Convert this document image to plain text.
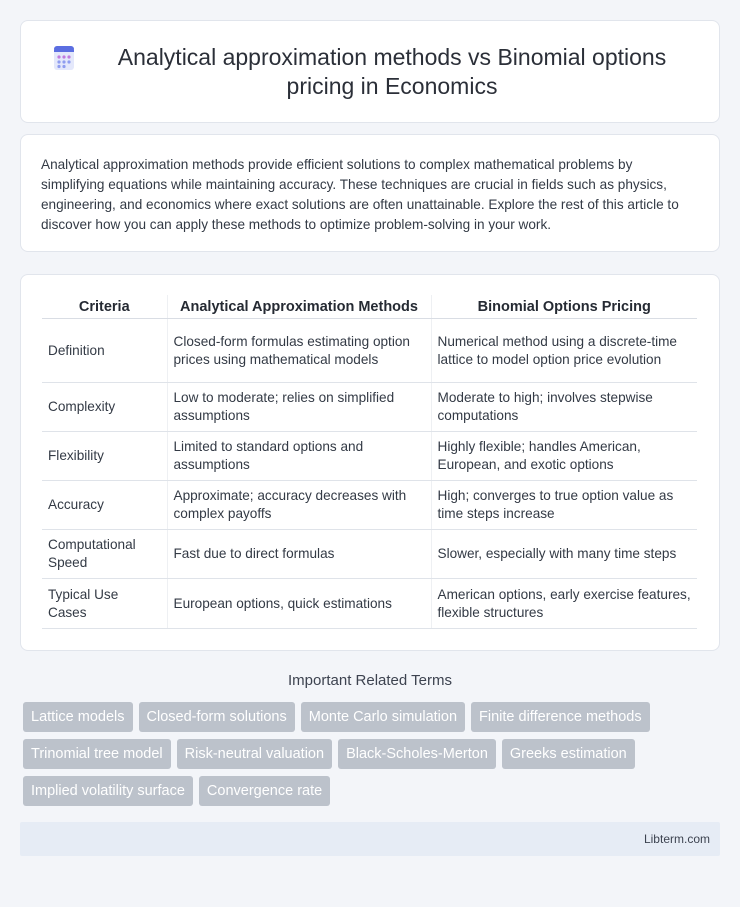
Analytical approximation methods vs Binomial options pricing in Economics

Analytical approximation methods provide efficient solutions to complex mathematical problems by simplifying equations while maintaining accuracy. These techniques are crucial in fields such as physics, engineering, and economics where exact solutions are often unattainable. Explore the rest of this article to discover how you can apply these methods to optimize problem-solving in your work.

Criteria	Analytical Approximation Methods	Binomial Options Pricing
Definition	Closed-form formulas estimating option prices using mathematical models	Numerical method using a discrete-time lattice to model option price evolution
Complexity	Low to moderate; relies on simplified assumptions	Moderate to high; involves stepwise computations
Flexibility	Limited to standard options and assumptions	Highly flexible; handles American, European, and exotic options
Accuracy	Approximate; accuracy decreases with complex payoffs	High; converges to true option value as time steps increase
Computational Speed	Fast due to direct formulas	Slower, especially with many time steps
Typical Use Cases	European options, quick estimations	American options, early exercise features, flexible structures
Important Related Terms
Lattice models	Closed-form solutions	Monte Carlo simulation	Finite difference methods
Trinomial tree model	Risk-neutral valuation	Black-Scholes-Merton	Greeks estimation
Implied volatility surface	Convergence rate
Libterm.com
